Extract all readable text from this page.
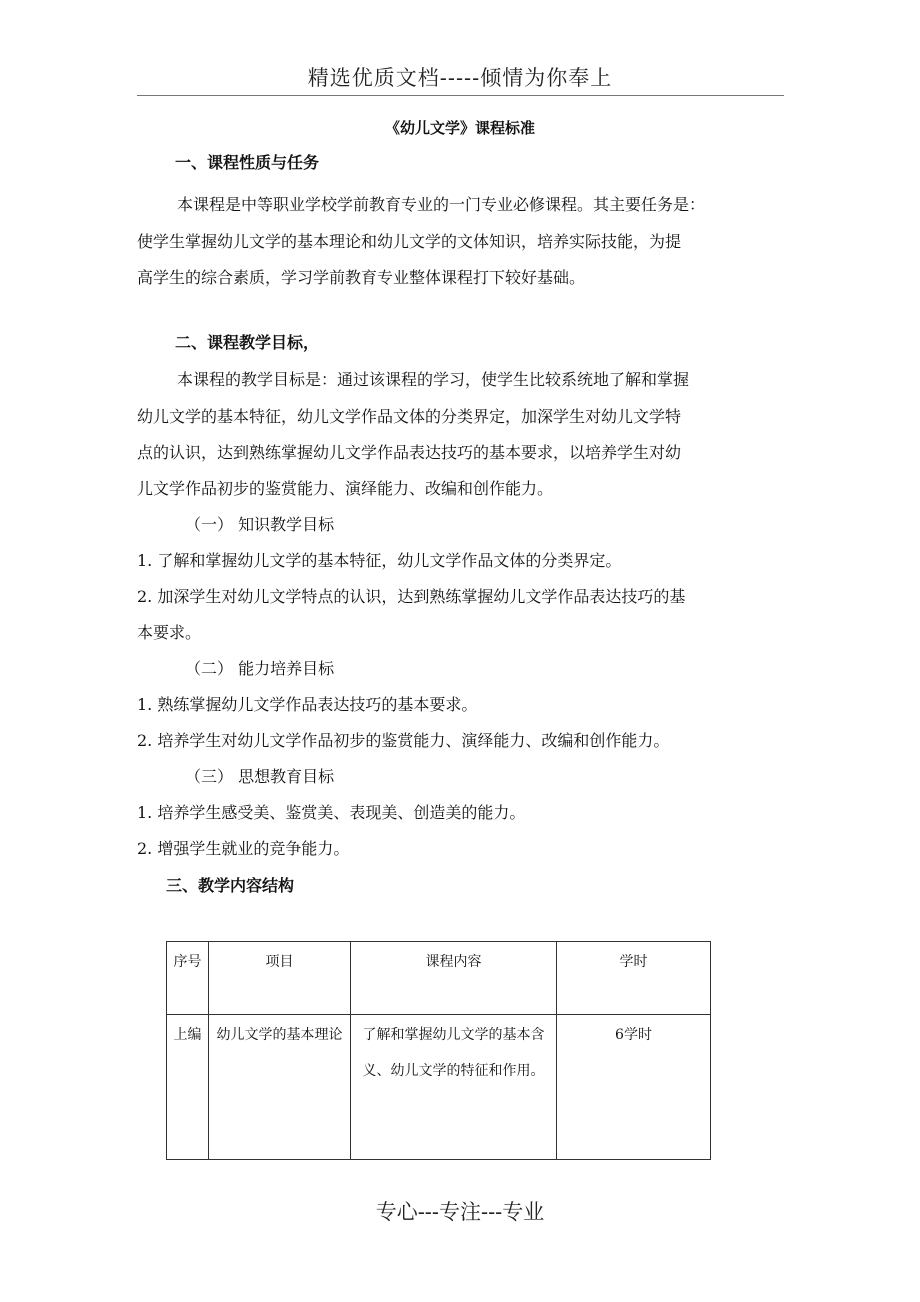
精选优质文档-----倾情为你奉上
《幼儿文学》课程标准
一、课程性质与任务
本课程是中等职业学校学前教育专业的一门专业必修课程。其主要任务是：
使学生掌握幼儿文学的基本理论和幼儿文学的文体知识，培养实际技能，为提
高学生的综合素质，学习学前教育专业整体课程打下较好基础。
二、课程教学目标，
本课程的教学目标是：通过该课程的学习，使学生比较系统地了解和掌握
幼儿文学的基本特征，幼儿文学作品文体的分类界定，加深学生对幼儿文学特
点的认识，达到熟练掌握幼儿文学作品表达技巧的基本要求，以培养学生对幼
儿文学作品初步的鉴赏能力、演绎能力、改编和创作能力。
（一） 知识教学目标
1. 了解和掌握幼儿文学的基本特征，幼儿文学作品文体的分类界定。
2. 加深学生对幼儿文学特点的认识，达到熟练掌握幼儿文学作品表达技巧的基
本要求。
（二） 能力培养目标
1. 熟练掌握幼儿文学作品表达技巧的基本要求。
2. 培养学生对幼儿文学作品初步的鉴赏能力、演绎能力、改编和创作能力。
（三） 思想教育目标
1. 培养学生感受美、鉴赏美、表现美、创造美的能力。
2. 增强学生就业的竞争能力。
三、教学内容结构
序号	项目	课程内容	学时
上编	幼儿文学的基本理论	了解和掌握幼儿文学的基本含义、幼儿文学的特征和作用。	6学时
专心---专注---专业
